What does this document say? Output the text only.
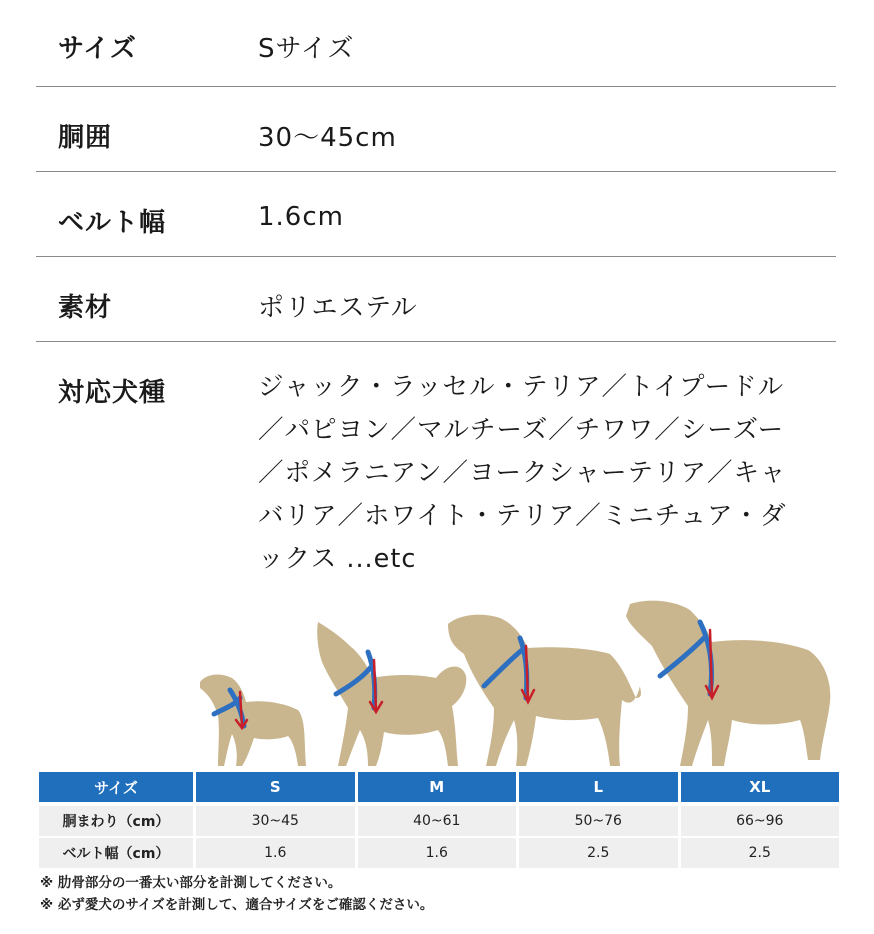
サイズ	Sサイズ
胴囲	30〜45cm
ベルト幅	1.6cm
素材	ポリエステル
対応犬種	ジャック・ラッセル・テリア／トイプードル／パピヨン／マルチーズ／チワワ／シーズー／ポメラニアン／ヨークシャーテリア／キャバリア／ホワイト・テリア／ミニチュア・ダックス ...etc
サイズ	S	M	L	XL
胴まわり（cm）	30~45	40~61	50~76	66~96
ベルト幅（cm）	1.6	1.6	2.5	2.5
※ 肋骨部分の一番太い部分を計測してください。
※ 必ず愛犬のサイズを計測して、適合サイズをご確認ください。
